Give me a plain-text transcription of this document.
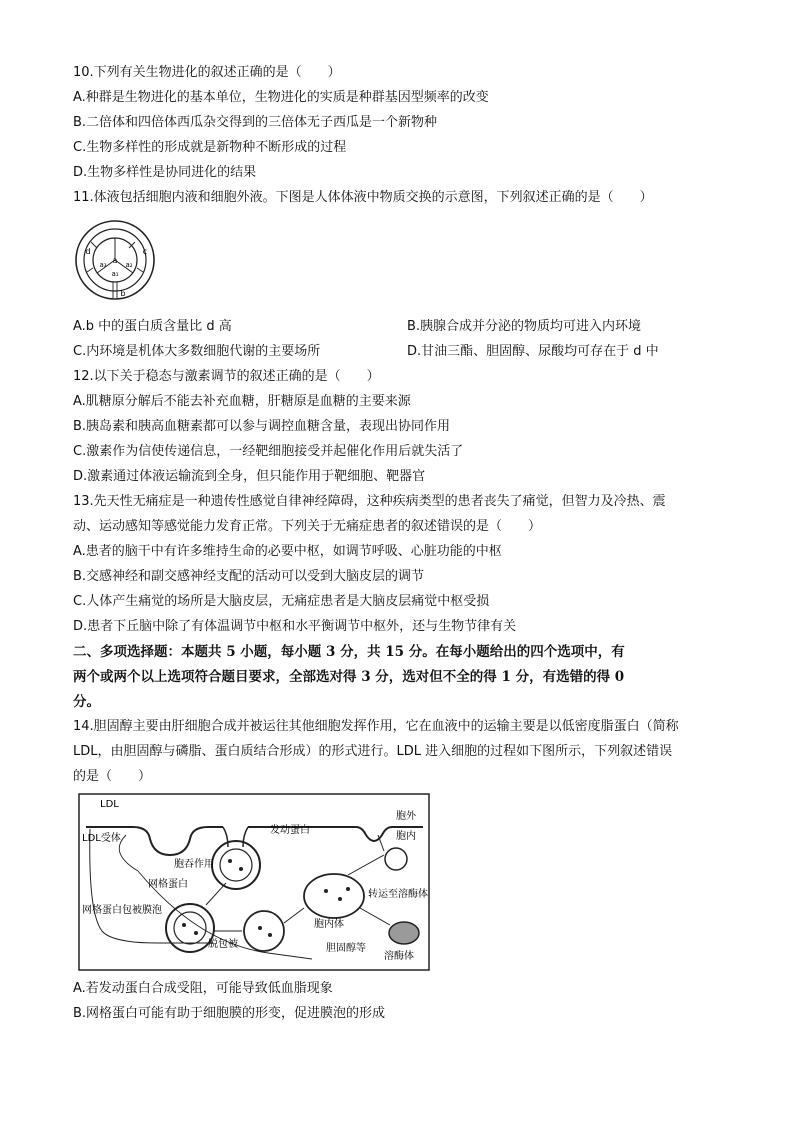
10.下列有关生物进化的叙述正确的是（　　）
A.种群是生物进化的基本单位，生物进化的实质是种群基因型频率的改变
B.二倍体和四倍体西瓜杂交得到的三倍体无子西瓜是一个新物种
C.生物多样性的形成就是新物种不断形成的过程
D.生物多样性是协同进化的结果
11.体液包括细胞内液和细胞外液。下图是人体体液中物质交换的示意图，下列叙述正确的是（　　）
a
a₃	a₂
a₁
d	c
b
A.b 中的蛋白质含量比 d 高	B.胰腺合成并分泌的物质均可进入内环境
C.内环境是机体大多数细胞代谢的主要场所	D.甘油三酯、胆固醇、尿酸均可存在于 d 中
12.以下关于稳态与激素调节的叙述正确的是（　　）
A.肌糖原分解后不能去补充血糖，肝糖原是血糖的主要来源
B.胰岛素和胰高血糖素都可以参与调控血糖含量，表现出协同作用
C.激素作为信使传递信息，一经靶细胞接受并起催化作用后就失活了
D.激素通过体液运输流到全身，但只能作用于靶细胞、靶器官
13.先天性无痛症是一种遗传性感觉自律神经障碍，这种疾病类型的患者丧失了痛觉，但智力及冷热、震
动、运动感知等感觉能力发育正常。下列关于无痛症患者的叙述错误的是（　　）
A.患者的脑干中有许多维持生命的必要中枢，如调节呼吸、心脏功能的中枢
B.交感神经和副交感神经支配的活动可以受到大脑皮层的调节
C.人体产生痛觉的场所是大脑皮层，无痛症患者是大脑皮层痛觉中枢受损
D.患者下丘脑中除了有体温调节中枢和水平衡调节中枢外，还与生物节律有关
二、多项选择题：本题共 5 小题，每小题 3 分，共 15 分。在每小题给出的四个选项中，有
两个或两个以上选项符合题目要求，全部选对得 3 分，选对但不全的得 1 分，有选错的得 0
分。
14.胆固醇主要由肝细胞合成并被运往其他细胞发挥作用，它在血液中的运输主要是以低密度脂蛋白（简称
LDL，由胆固醇与磷脂、蛋白质结合形成）的形式进行。LDL 进入细胞的过程如下图所示，下列叙述错误
的是（　　）
LDL
LDL受体
发动蛋白
胞外
胞内
胞吞作用
网格蛋白
网格蛋白包被膜泡
脱包被
胞内体
转运至溶酶体
胆固醇等
溶酶体
A.若发动蛋白合成受阻，可能导致低血脂现象
B.网格蛋白可能有助于细胞膜的形变，促进膜泡的形成
